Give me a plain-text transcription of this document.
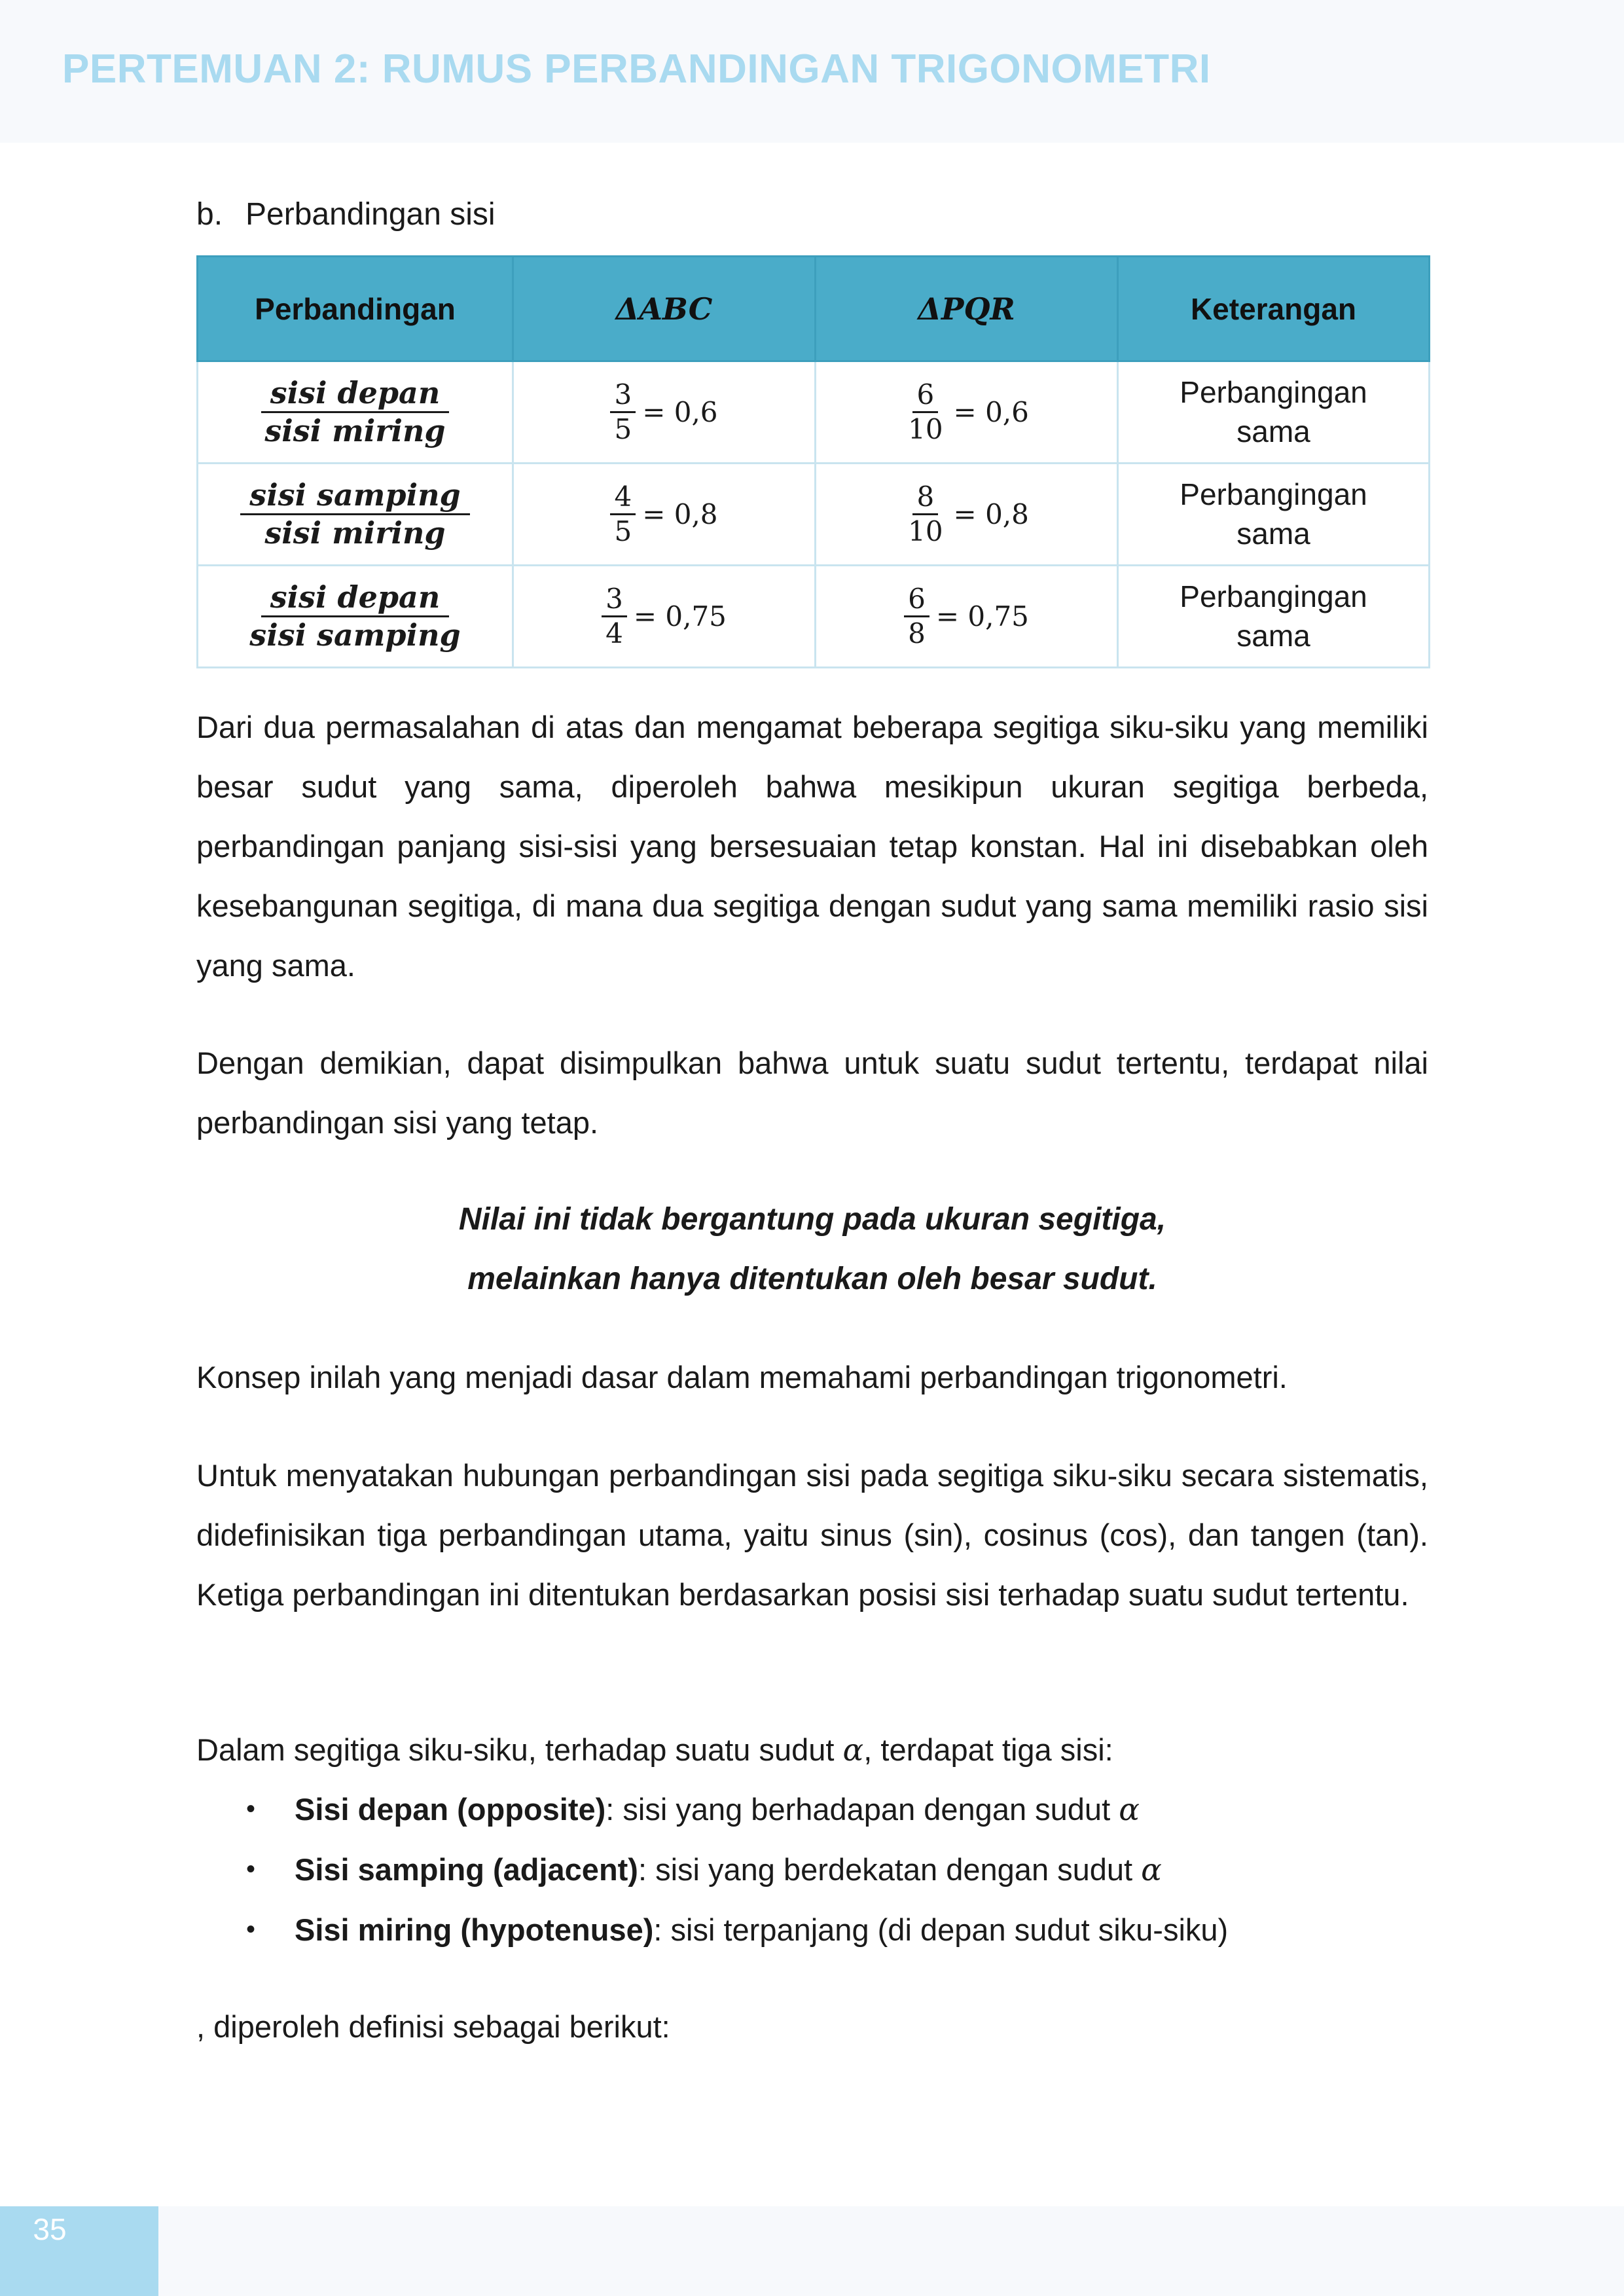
PERTEMUAN 2: RUMUS PERBANDINGAN TRIGONOMETRI
b. Perbandingan sisi
Perbandingan	ΔABC	ΔPQR	Keterangan

$\frac{\text{sisi depan}}{\text{sisi miring}}$	$\frac{3}{5} = 0,6$	$\frac{6}{10} = 0,6$	Perbangingan
sama

$\frac{\text{sisi samping}}{\text{sisi miring}}$	$\frac{4}{5} = 0,8$	$\frac{8}{10} = 0,8$	Perbangingan
sama

$\frac{\text{sisi depan}}{\text{sisi samping}}$	$\frac{3}{4} = 0,75$	$\frac{6}{8} = 0,75$	Perbangingan
sama

Dari dua permasalahan di atas dan mengamat beberapa segitiga siku-siku yang memiliki besar sudut yang sama, diperoleh bahwa mesikipun ukuran segitiga berbeda, perbandingan panjang sisi-sisi yang bersesuaian tetap konstan. Hal ini disebabkan oleh kesebangunan segitiga, di mana dua segitiga dengan sudut yang sama memiliki rasio sisi yang sama.

Dengan demikian, dapat disimpulkan bahwa untuk suatu sudut tertentu, terdapat nilai perbandingan sisi yang tetap.

Nilai ini tidak bergantung pada ukuran segitiga,
melainkan hanya ditentukan oleh besar sudut.

Konsep inilah yang menjadi dasar dalam memahami perbandingan trigonometri.

Untuk menyatakan hubungan perbandingan sisi pada segitiga siku-siku secara sistematis, didefinisikan tiga perbandingan utama, yaitu sinus (sin), cosinus (cos), dan tangen (tan). Ketiga perbandingan ini ditentukan berdasarkan posisi sisi terhadap suatu sudut tertentu.

Dalam segitiga siku-siku, terhadap suatu sudut α, terdapat tiga sisi:

• Sisi depan (opposite): sisi yang berhadapan dengan sudut α
• Sisi samping (adjacent): sisi yang berdekatan dengan sudut α
• Sisi miring (hypotenuse): sisi terpanjang (di depan sudut siku-siku)

, diperoleh definisi sebagai berikut:

35
